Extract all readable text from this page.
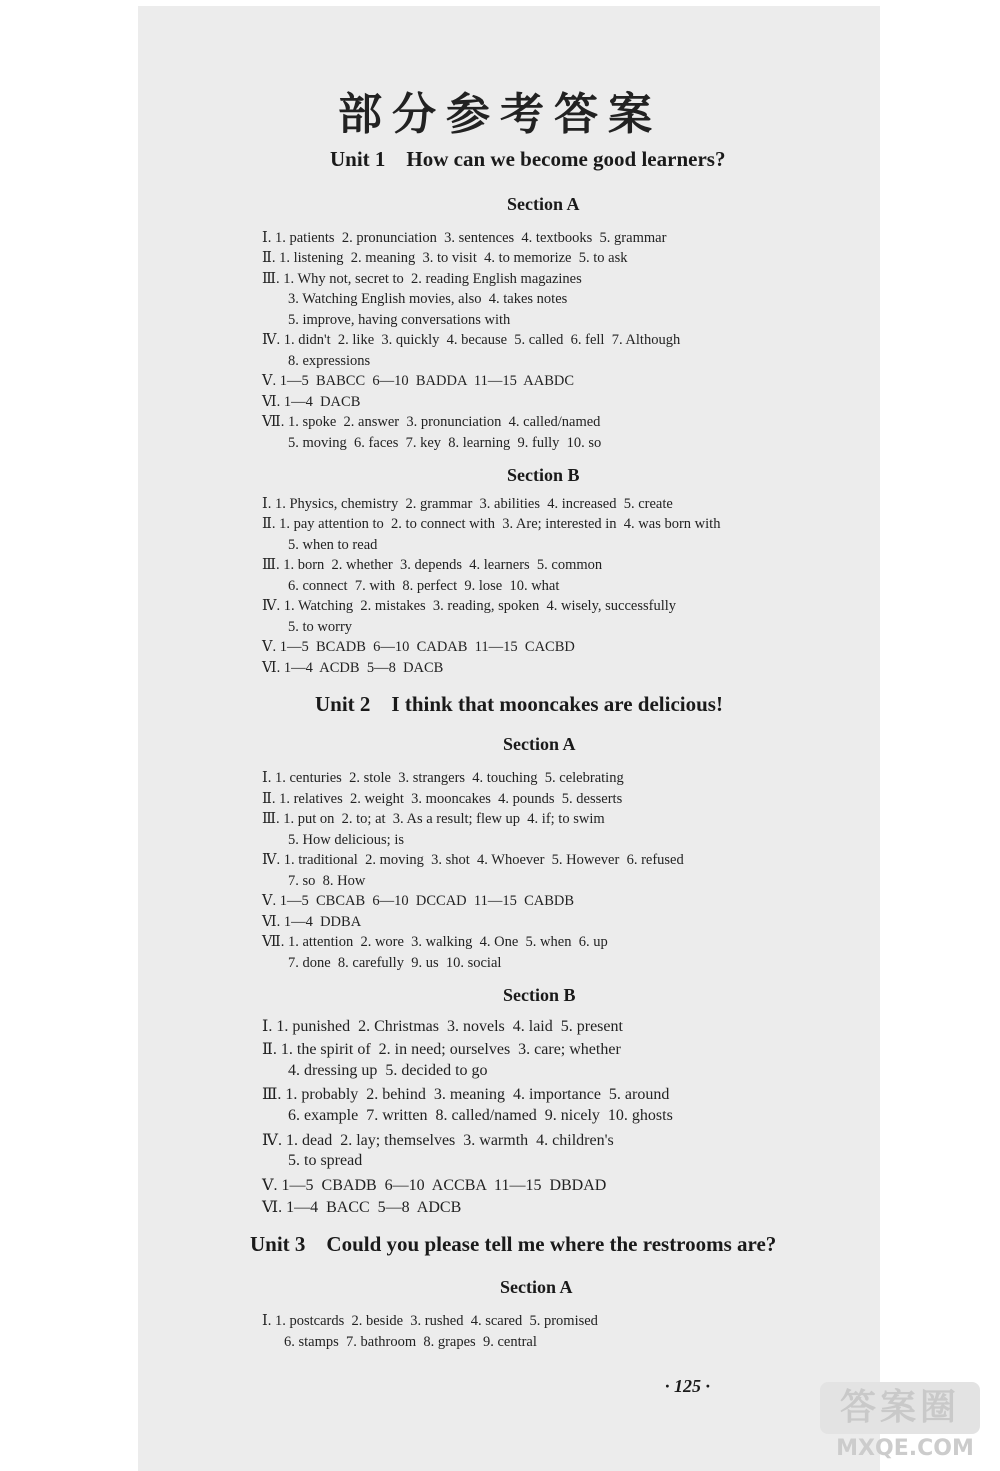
部分参考答案
Unit 1　How can we become good learners?
Section A
Ⅰ. 1. patients  2. pronunciation  3. sentences  4. textbooks  5. grammar
Ⅱ. 1. listening  2. meaning  3. to visit  4. to memorize  5. to ask
Ⅲ. 1. Why not, secret to  2. reading English magazines
3. Watching English movies, also  4. takes notes
5. improve, having conversations with
Ⅳ. 1. didn't  2. like  3. quickly  4. because  5. called  6. fell  7. Although
8. expressions
Ⅴ. 1—5  BABCC  6—10  BADDA  11—15  AABDC
Ⅵ. 1—4  DACB
Ⅶ. 1. spoke  2. answer  3. pronunciation  4. called/named
5. moving  6. faces  7. key  8. learning  9. fully  10. so
Section B
Ⅰ. 1. Physics, chemistry  2. grammar  3. abilities  4. increased  5. create
Ⅱ. 1. pay attention to  2. to connect with  3. Are; interested in  4. was born with
5. when to read
Ⅲ. 1. born  2. whether  3. depends  4. learners  5. common
6. connect  7. with  8. perfect  9. lose  10. what
Ⅳ. 1. Watching  2. mistakes  3. reading, spoken  4. wisely, successfully
5. to worry
Ⅴ. 1—5  BCADB  6—10  CADAB  11—15  CACBD
Ⅵ. 1—4  ACDB  5—8  DACB
Unit 2　I think that mooncakes are delicious!
Section A
Ⅰ. 1. centuries  2. stole  3. strangers  4. touching  5. celebrating
Ⅱ. 1. relatives  2. weight  3. mooncakes  4. pounds  5. desserts
Ⅲ. 1. put on  2. to; at  3. As a result; flew up  4. if; to swim
5. How delicious; is
Ⅳ. 1. traditional  2. moving  3. shot  4. Whoever  5. However  6. refused
7. so  8. How
Ⅴ. 1—5  CBCAB  6—10  DCCAD  11—15  CABDB
Ⅵ. 1—4  DDBA
Ⅶ. 1. attention  2. wore  3. walking  4. One  5. when  6. up
7. done  8. carefully  9. us  10. social
Section B
Ⅰ. 1. punished  2. Christmas  3. novels  4. laid  5. present
Ⅱ. 1. the spirit of  2. in need; ourselves  3. care; whether
4. dressing up  5. decided to go
Ⅲ. 1. probably  2. behind  3. meaning  4. importance  5. around
6. example  7. written  8. called/named  9. nicely  10. ghosts
Ⅳ. 1. dead  2. lay; themselves  3. warmth  4. children's
5. to spread
Ⅴ. 1—5  CBADB  6—10  ACCBA  11—15  DBDAD
Ⅵ. 1—4  BACC  5—8  ADCB
Unit 3　Could you please tell me where the restrooms are?
Section A
Ⅰ. 1. postcards  2. beside  3. rushed  4. scared  5. promised
6. stamps  7. bathroom  8. grapes  9. central
· 125 ·
答案圈
MXQE.COM
